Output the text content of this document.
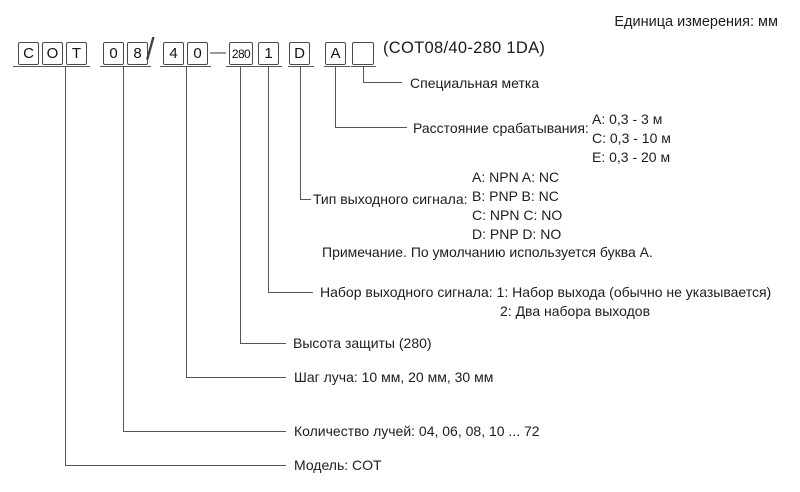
Единица измерения: мм
(COT08/40-280 1DA)
C O T	0	8 / 4	0 — 280 1	D	A
Специальная метка
Расстояние срабатывания:
A: 0,3 - 3 м
C: 0,3 - 10 м
E: 0,3 - 20 м
Тип выходного сигнала:
A: NPN A: NC
B: PNP B: NC
C: NPN C: NO
D: PNP D: NO
Примечание. По умолчанию используется буква A.
Набор выходного сигнала: 1: Набор выхода (обычно не указывается)
2: Два набора выходов
Высота защиты (280)
Шаг луча: 10 мм, 20 мм, 30 мм
Количество лучей: 04, 06, 08, 10 ... 72
Модель: COT
